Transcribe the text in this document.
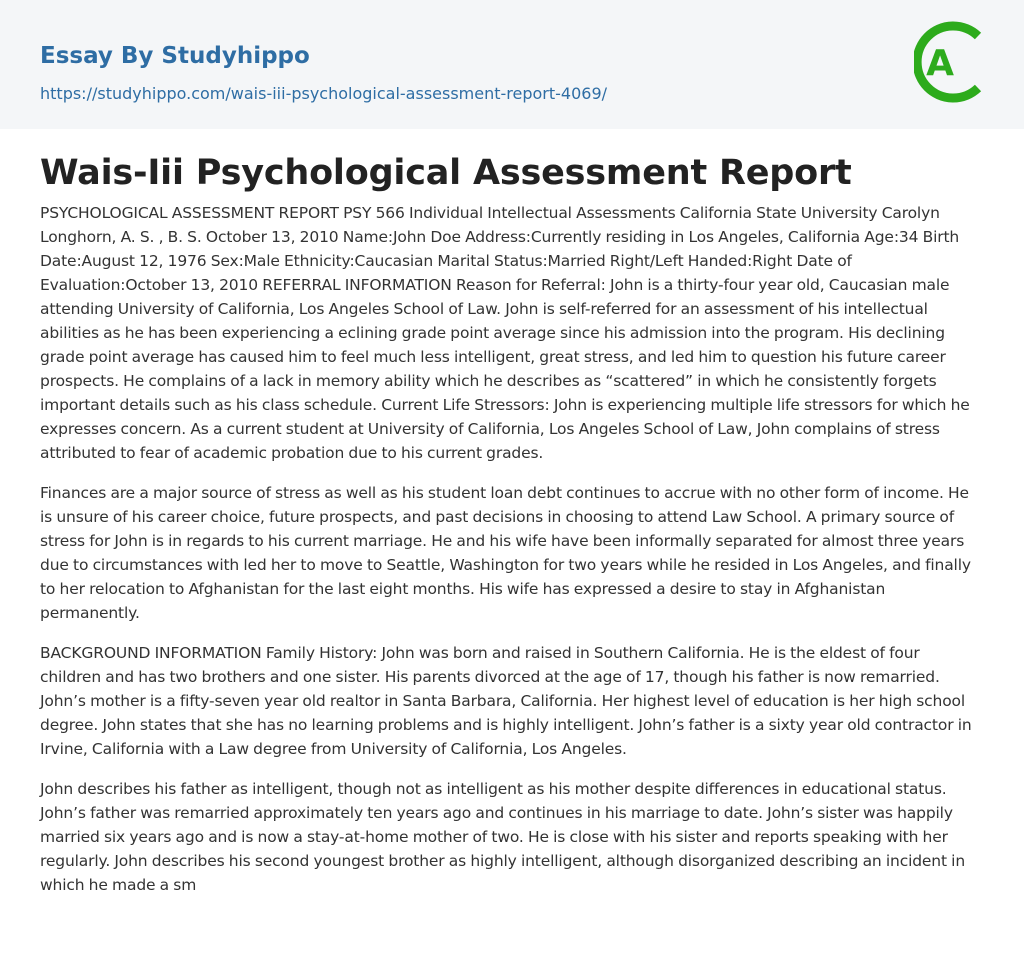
Essay By Studyhippo
https://studyhippo.com/wais-iii-psychological-assessment-report-4069/
A
Wais-Iii Psychological Assessment Report

PSYCHOLOGICAL ASSESSMENT REPORT PSY 566 Individual Intellectual Assessments California State University Carolyn Longhorn, A. S. , B. S. October 13, 2010 Name:John Doe Address:Currently residing in Los Angeles, California Age:34 Birth Date:August 12, 1976 Sex:Male Ethnicity:Caucasian Marital Status:Married Right/Left Handed:Right Date of Evaluation:October 13, 2010 REFERRAL INFORMATION Reason for Referral: John is a thirty-four year old, Caucasian male attending University of California, Los Angeles School of Law. John is self-referred for an assessment of his intellectual abilities as he has been experiencing a eclining grade point average since his admission into the program. His declining grade point average has caused him to feel much less intelligent, great stress, and led him to question his future career prospects. He complains of a lack in memory ability which he describes as “scattered” in which he consistently forgets important details such as his class schedule. Current Life Stressors: John is experiencing multiple life stressors for which he expresses concern. As a current student at University of California, Los Angeles School of Law, John complains of stress attributed to fear of academic probation due to his current grades.

Finances are a major source of stress as well as his student loan debt continues to accrue with no other form of income. He is unsure of his career choice, future prospects, and past decisions in choosing to attend Law School. A primary source of stress for John is in regards to his current marriage. He and his wife have been informally separated for almost three years due to circumstances with led her to move to Seattle, Washington for two years while he resided in Los Angeles, and finally to her relocation to Afghanistan for the last eight months. His wife has expressed a desire to stay in Afghanistan permanently.

BACKGROUND INFORMATION Family History: John was born and raised in Southern California. He is the eldest of four children and has two brothers and one sister. His parents divorced at the age of 17, though his father is now remarried. John’s mother is a fifty-seven year old realtor in Santa Barbara, California. Her highest level of education is her high school degree. John states that she has no learning problems and is highly intelligent. John’s father is a sixty year old contractor in Irvine, California with a Law degree from University of California, Los Angeles.

John describes his father as intelligent, though not as intelligent as his mother despite differences in educational status. John’s father was remarried approximately ten years ago and continues in his marriage to date. John’s sister was happily married six years ago and is now a stay-at-home mother of two. He is close with his sister and reports speaking with her regularly. John describes his second youngest brother as highly intelligent, although disorganized describing an incident in which he made a sm
